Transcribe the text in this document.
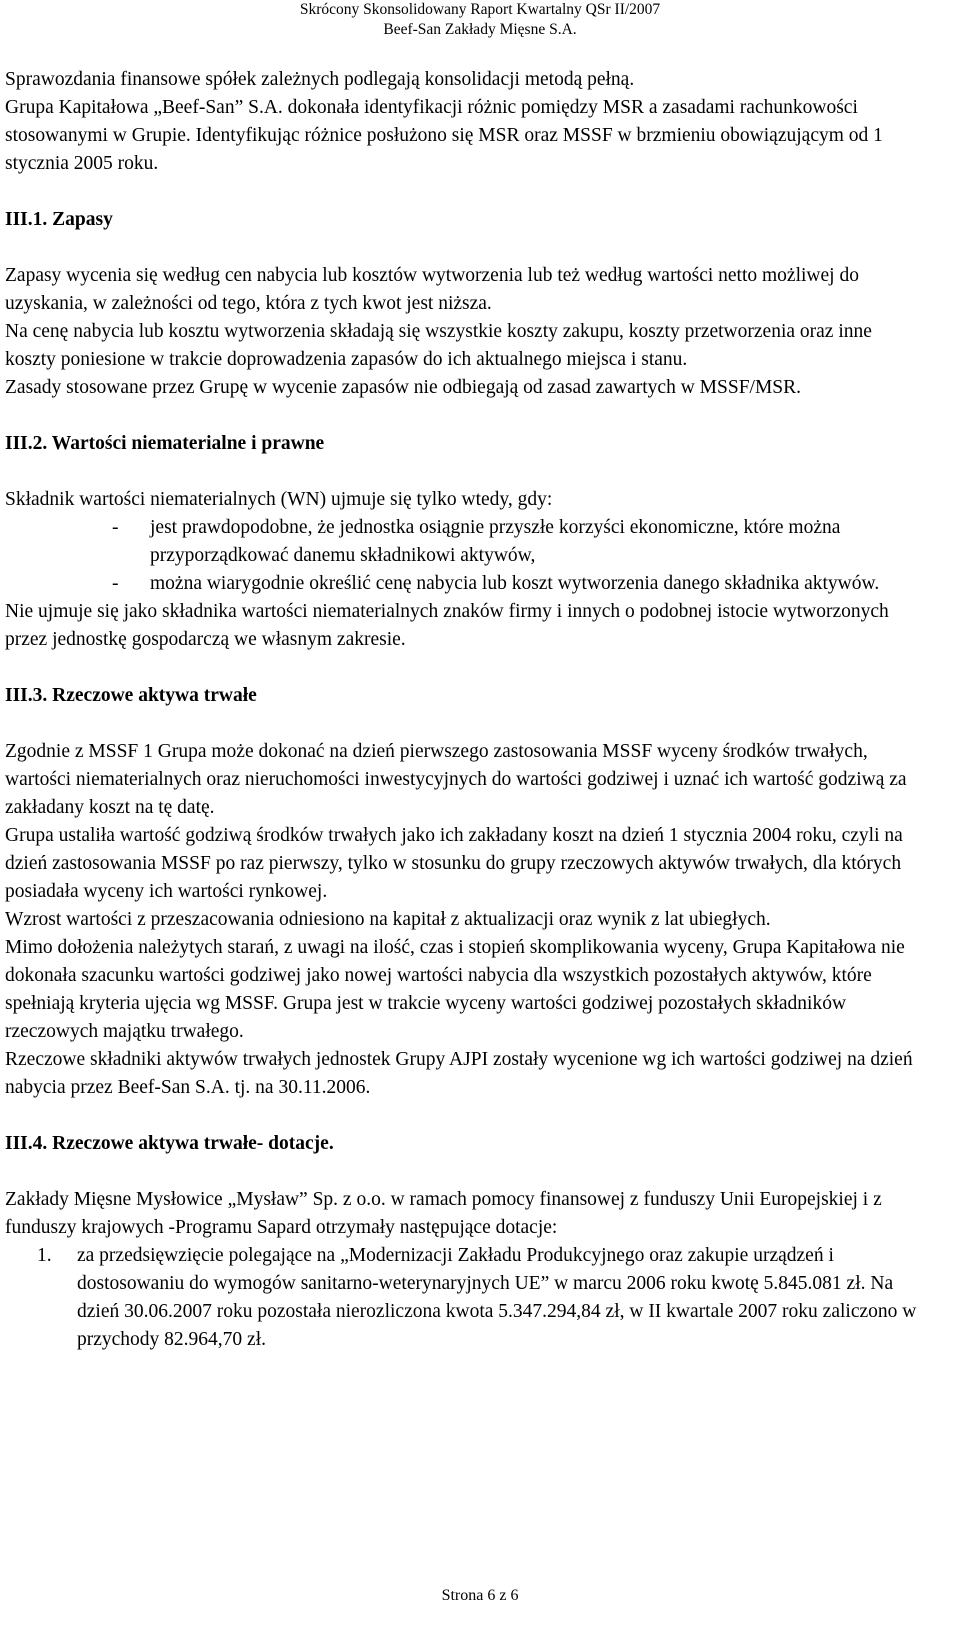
Skrócony Skonsolidowany Raport Kwartalny QSr II/2007
Beef-San Zakłady Mięsne S.A.

Sprawozdania finansowe spółek zależnych podlegają konsolidacji metodą pełną.

Grupa Kapitałowa „Beef-San” S.A. dokonała identyfikacji różnic pomiędzy MSR a zasadami rachunkowości stosowanymi w Grupie. Identyfikując różnice posłużono się MSR oraz MSSF w brzmieniu obowiązującym od 1 stycznia 2005 roku.

III.1. Zapasy

Zapasy wycenia się według cen nabycia lub kosztów wytworzenia lub też według wartości netto możliwej do uzyskania, w zależności od tego, która z tych kwot jest niższa.

Na cenę nabycia lub kosztu wytworzenia składają się wszystkie koszty zakupu, koszty przetworzenia oraz inne koszty poniesione w trakcie doprowadzenia zapasów do ich aktualnego miejsca i stanu.

Zasady stosowane przez Grupę w wycenie zapasów nie odbiegają od zasad zawartych w MSSF/MSR.

III.2. Wartości niematerialne i prawne

Składnik wartości niematerialnych (WN) ujmuje się tylko wtedy, gdy:

- jest prawdopodobne, że jednostka osiągnie przyszłe korzyści ekonomiczne, które można przyporządkować danemu składnikowi aktywów,
- można wiarygodnie określić cenę nabycia lub koszt wytworzenia danego składnika aktywów.

Nie ujmuje się jako składnika wartości niematerialnych znaków firmy i innych o podobnej istocie wytworzonych przez jednostkę gospodarczą we własnym zakresie.

III.3. Rzeczowe aktywa trwałe

Zgodnie z MSSF 1 Grupa może dokonać na dzień pierwszego zastosowania MSSF wyceny środków trwałych, wartości niematerialnych oraz nieruchomości inwestycyjnych do wartości godziwej i uznać ich wartość godziwą za zakładany koszt na tę datę.

Grupa ustaliła wartość godziwą środków trwałych jako ich zakładany koszt na dzień 1 stycznia 2004 roku, czyli na dzień zastosowania MSSF po raz pierwszy, tylko w stosunku do grupy rzeczowych aktywów trwałych, dla których posiadała wyceny ich wartości rynkowej.

Wzrost wartości z przeszacowania odniesiono na kapitał z aktualizacji oraz wynik z lat ubiegłych.

Mimo dołożenia należytych starań, z uwagi na ilość, czas i stopień skomplikowania wyceny, Grupa Kapitałowa nie dokonała szacunku wartości godziwej jako nowej wartości nabycia dla wszystkich pozostałych aktywów, które spełniają kryteria ujęcia wg MSSF. Grupa jest w trakcie wyceny wartości godziwej pozostałych składników rzeczowych majątku trwałego.

Rzeczowe składniki aktywów trwałych jednostek Grupy AJPI zostały wycenione wg ich wartości godziwej na dzień nabycia przez Beef-San S.A. tj. na 30.11.2006.

III.4. Rzeczowe aktywa trwałe- dotacje.

Zakłady Mięsne Mysłowice „Mysław” Sp. z o.o. w ramach pomocy finansowej z funduszy Unii Europejskiej i z funduszy krajowych -Programu Sapard otrzymały następujące dotacje:

1. za przedsięwzięcie polegające na „Modernizacji Zakładu Produkcyjnego oraz zakupie urządzeń i dostosowaniu do wymogów sanitarno-weterynaryjnych UE” w marcu 2006 roku kwotę 5.845.081 zł. Na dzień 30.06.2007 roku pozostała nierozliczona kwota 5.347.294,84 zł, w II kwartale 2007 roku zaliczono w przychody 82.964,70 zł.
Strona 6 z 6
